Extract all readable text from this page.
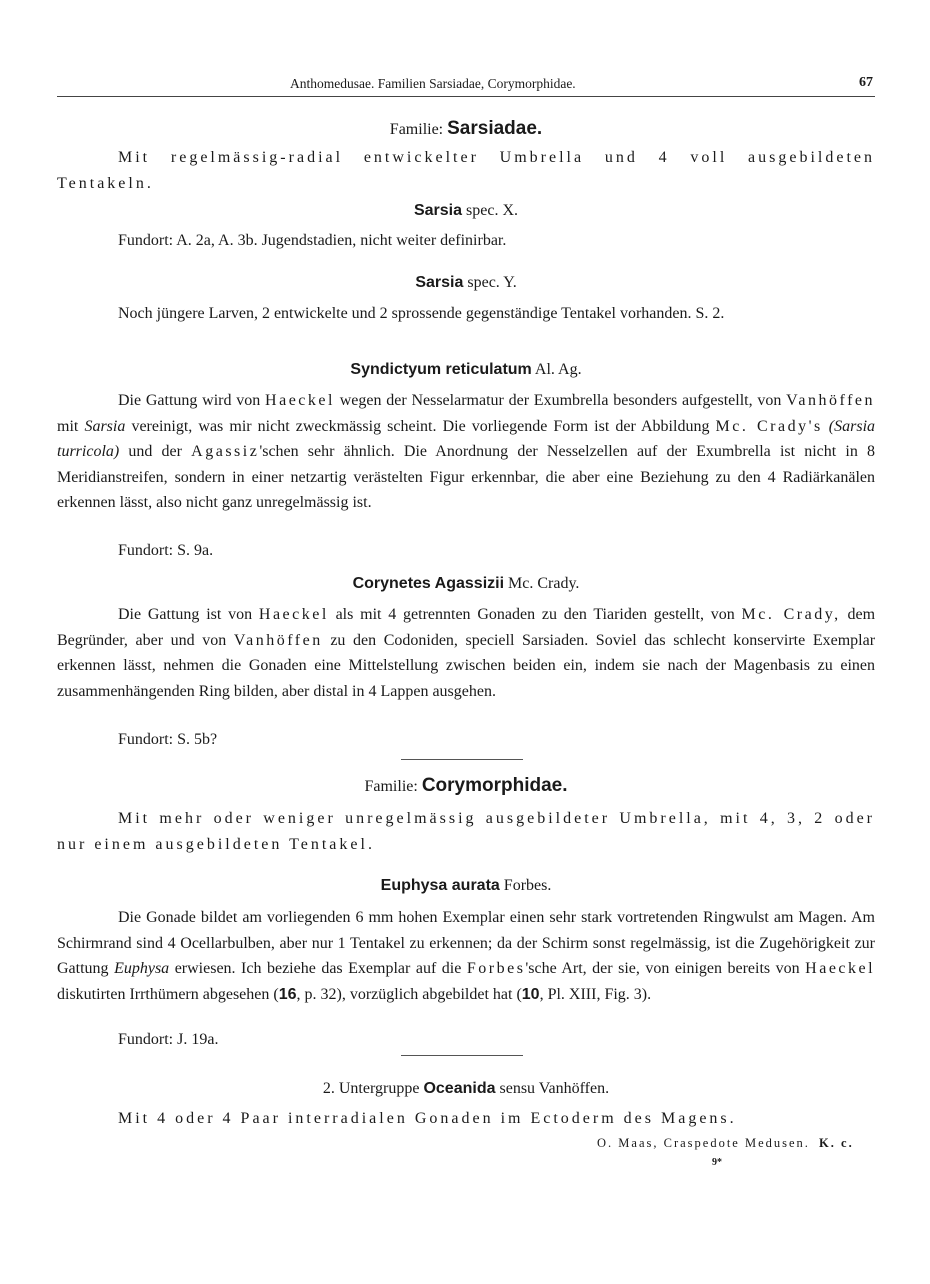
Anthomedusae. Familien Sarsiadae, Corymorphidae.	67
Familie: Sarsiadae.
Mit regelmässig-radial entwickelter Umbrella und 4 voll ausgebildeten Tentakeln.
Sarsia spec. X.
Fundort: A. 2a, A. 3b. Jugendstadien, nicht weiter definirbar.
Sarsia spec. Y.
Noch jüngere Larven, 2 entwickelte und 2 sprossende gegenständige Tentakel vorhanden. S. 2.
Syndictyum reticulatum Al. Ag.
Die Gattung wird von Haeckel wegen der Nesselarmatur der Exumbrella besonders aufgestellt, von Vanhöffen mit Sarsia vereinigt, was mir nicht zweckmässig scheint. Die vorliegende Form ist der Abbildung Mc. Crady's (Sarsia turricola) und der Agassiz'schen sehr ähnlich. Die Anordnung der Nesselzellen auf der Exumbrella ist nicht in 8 Meridianstreifen, sondern in einer netzartig verästelten Figur erkennbar, die aber eine Beziehung zu den 4 Radiärkanälen erkennen lässt, also nicht ganz unregelmässig ist.
Fundort: S. 9a.
Corynetes Agassizii Mc. Crady.
Die Gattung ist von Haeckel als mit 4 getrennten Gonaden zu den Tiariden gestellt, von Mc. Crady, dem Begründer, aber und von Vanhöffen zu den Codoniden, speciell Sarsiaden. Soviel das schlecht konservirte Exemplar erkennen lässt, nehmen die Gonaden eine Mittelstellung zwischen beiden ein, indem sie nach der Magenbasis zu einen zusammenhängenden Ring bilden, aber distal in 4 Lappen ausgehen.
Fundort: S. 5b?
Familie: Corymorphidae.
Mit mehr oder weniger unregelmässig ausgebildeter Umbrella, mit 4, 3, 2 oder nur einem ausgebildeten Tentakel.
Euphysa aurata Forbes.
Die Gonade bildet am vorliegenden 6 mm hohen Exemplar einen sehr stark vortretenden Ringwulst am Magen. Am Schirmrand sind 4 Ocellarbulben, aber nur 1 Tentakel zu erkennen; da der Schirm sonst regelmässig, ist die Zugehörigkeit zur Gattung Euphysa erwiesen. Ich beziehe das Exemplar auf die Forbes'sche Art, der sie, von einigen bereits von Haeckel diskutirten Irrthümern abgesehen (16, p. 32), vorzüglich abgebildet hat (10, Pl. XIII, Fig. 3).
Fundort: J. 19a.
2. Untergruppe Oceanida sensu Vanhöffen.
Mit 4 oder 4 Paar interradialen Gonaden im Ectoderm des Magens.
O. Maas, Craspedote Medusen. K. c.
9*
